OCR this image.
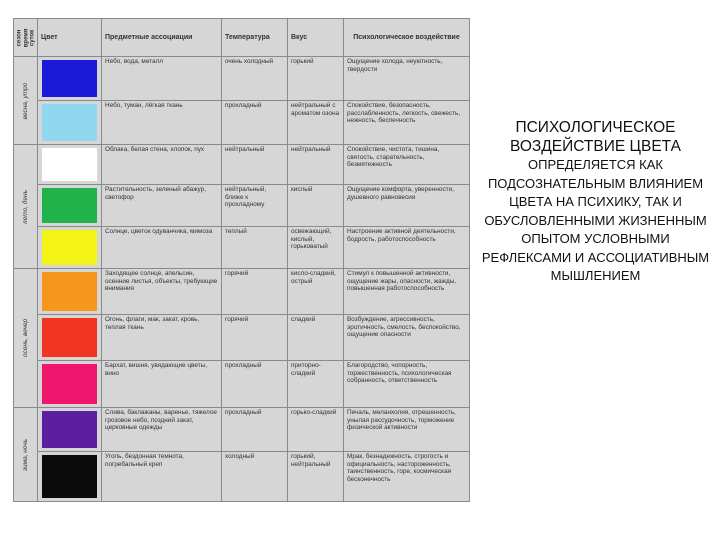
сезон время суток	Цвет	Предметные ассоциации	Температура	Вкус	Психологическое воздействие

весна, утро		Небо, вода, металл	очень холодный	горький	Ощущение холода, неуютность, твердости

		Небо, туман, лёгкая ткань	прохладный	нейтральный с ароматом озона	Спокойствие, безопасность, расслабленность, легкость, свежесть, нежность, беспечность

лето, день		Облака, белая стена, хлопок, пух	нейтральный	нейтральный	Спокойствие, чистота, тишина, святость, старательность, безмятежность

		Растительность, зеленый абажур, светофор	нейтральный, ближе к прохладному	кислый	Ощущение комфорта, уверенности, душевного равновесия

		Солнце, цветок одуванчика, мимоза	теплый	освежающий, кислый, горьковатый	Настроение активной деятельности, бодрость, работоспособность

осень, вечер		Заходящее солнце, апельсин, осенние листья, объекты, требующие внимания	горячий	кисло-сладкий, острый	Стимул к повышенной активности, ощущение жары, опасности, жажды, повышенная работоспособность

		Огонь, флаги, мак, закат, кровь, теплая ткань	горячий	сладкий	Возбуждение, агрессивность, эротичность, смелость, беспокойство, ощущение опасности

		Бархат, вишня, увядающие цветы, вино	прохладный	приторно-сладкий	Благородство, чопорность, торжественность, психологическая собранность, ответственность

зима, ночь		Слива, баклажаны, варенье, тяжелое грозовое небо, поздний закат, церковные одежды	прохладный	горько-сладкий	Печаль, меланхолия, отрешенность, унылая рассудочность, торможение физической активности

		Уголь, бездонная темнота, погребальный креп	холодный	горький, нейтральный	Мрак, безнадежность, строгость и официальность, настороженность, таинственность, горе, космическая бесконечность
ПСИХОЛОГИЧЕСКОЕ ВОЗДЕЙСТВИЕ ЦВЕТА
ОПРЕДЕЛЯЕТСЯ КАК ПОДСОЗНАТЕЛЬНЫМ ВЛИЯНИЕМ ЦВЕТА НА ПСИХИКУ, ТАК И ОБУСЛОВЛЕННЫМИ ЖИЗНЕННЫМ ОПЫТОМ УСЛОВНЫМИ РЕФЛЕКСАМИ И АССОЦИАТИВНЫМ МЫШЛЕНИЕМ
